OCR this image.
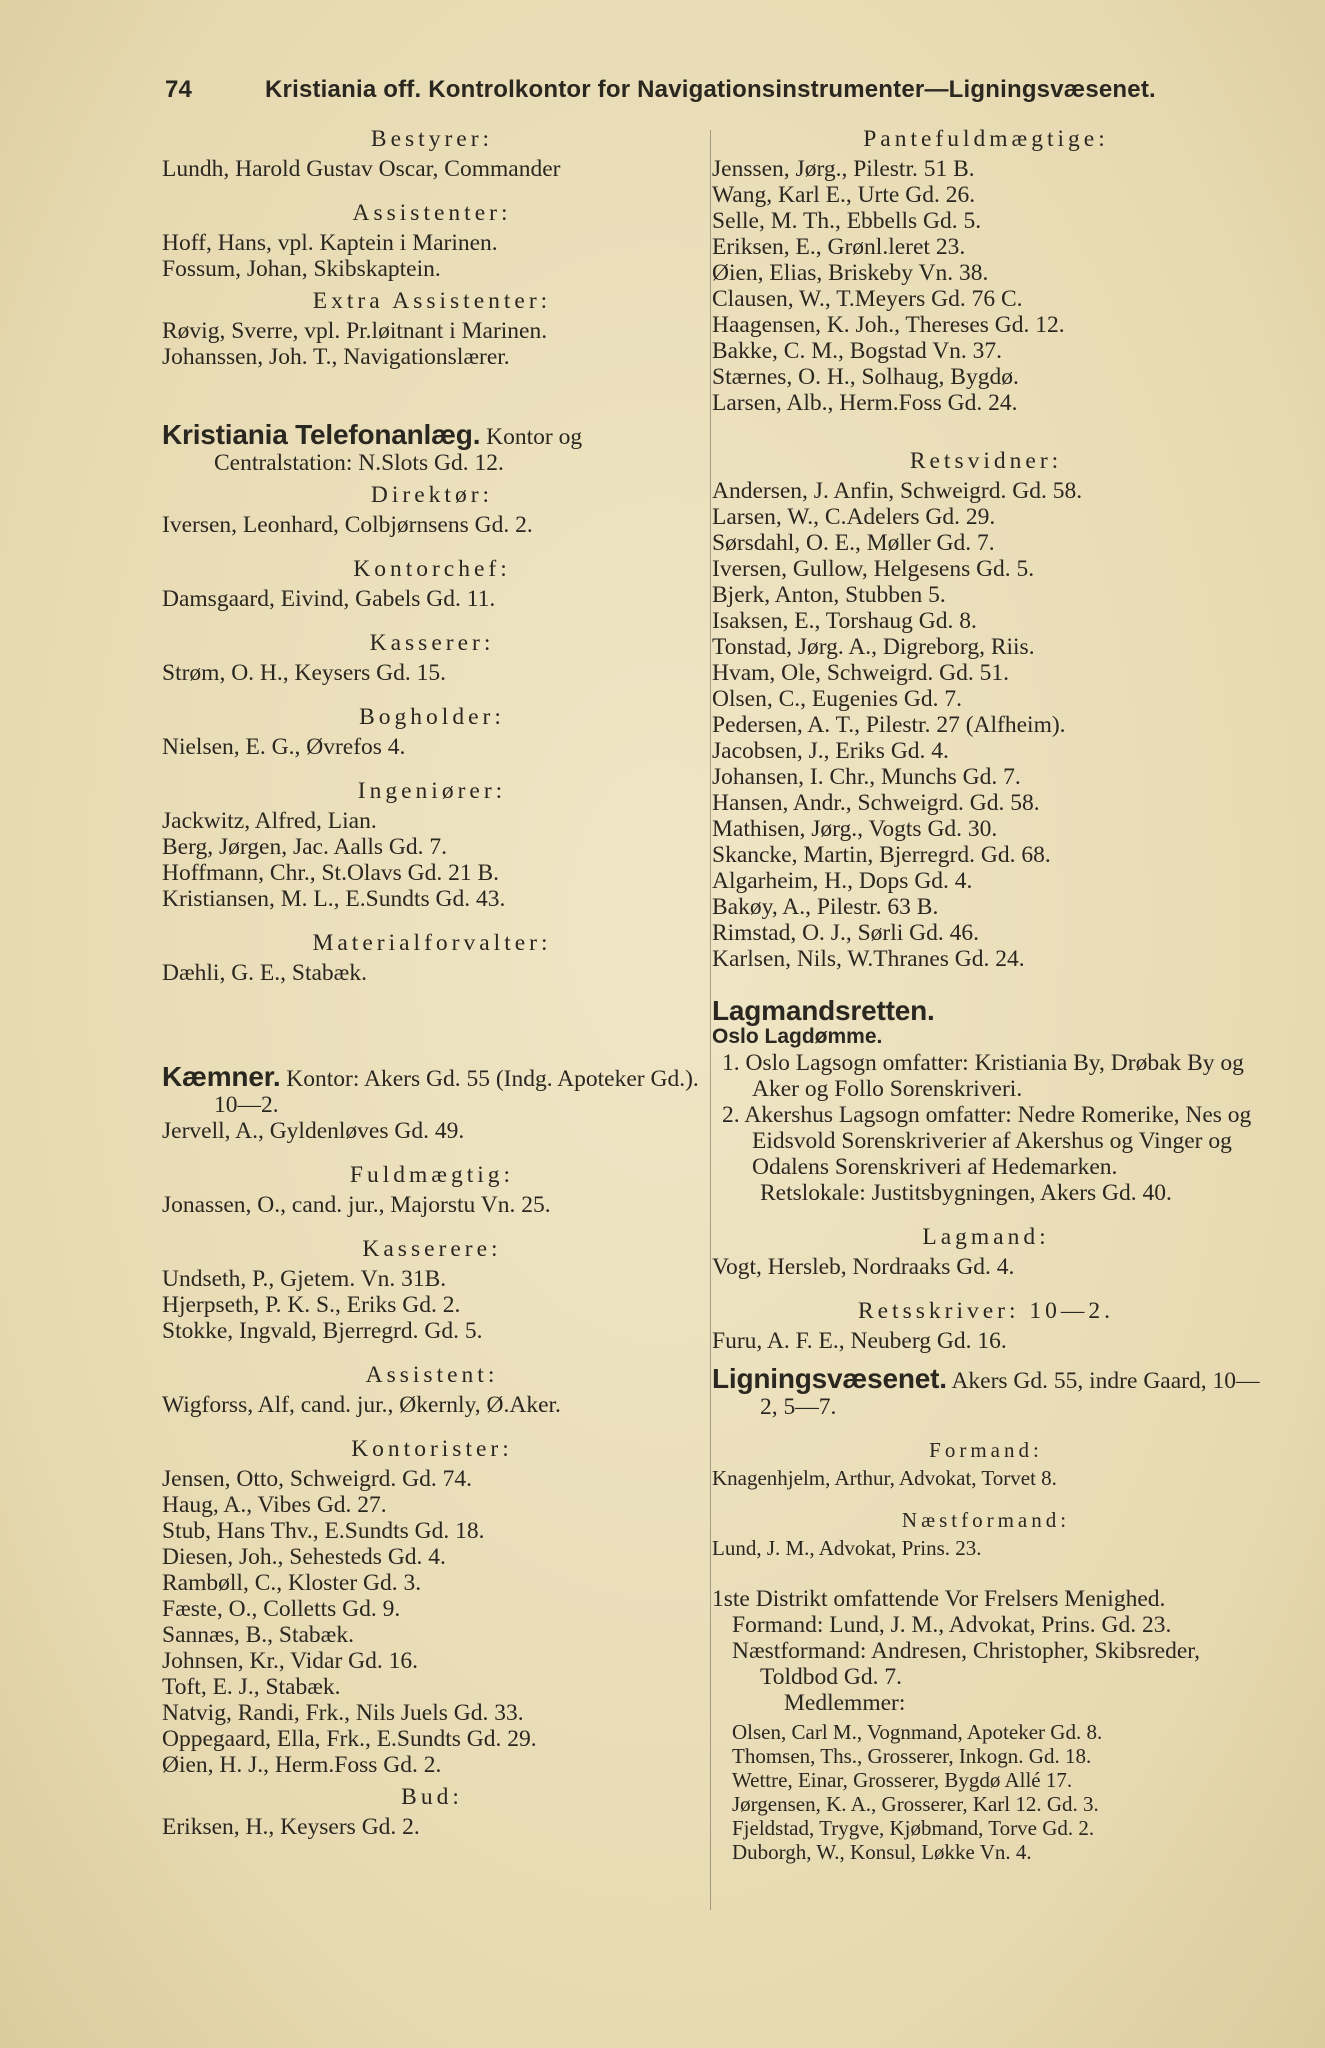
74	Kristiania off. Kontrolkontor for Navigationsinstrumenter—Ligningsvæsenet.

Bestyrer:

Lundh, Harold Gustav Oscar, Commander

Assistenter:

Hoff, Hans, vpl. Kaptein i Marinen.

Fossum, Johan, Skibskaptein.

Extra Assistenter:

Røvig, Sverre, vpl. Pr.løitnant i Marinen.

Johanssen, Joh. T., Navigationslærer.

Kristiania Telefonanlæg. Kontor og Centralstation: N.Slots Gd. 12.

Direktør:

Iversen, Leonhard, Colbjørnsens Gd. 2.

Kontorchef:

Damsgaard, Eivind, Gabels Gd. 11.

Kasserer:

Strøm, O. H., Keysers Gd. 15.

Bogholder:

Nielsen, E. G., Øvrefos 4.

Ingeniører:

Jackwitz, Alfred, Lian.

Berg, Jørgen, Jac. Aalls Gd. 7.

Hoffmann, Chr., St.Olavs Gd. 21 B.

Kristiansen, M. L., E.Sundts Gd. 43.

Materialforvalter:

Dæhli, G. E., Stabæk.

Kæmner. Kontor: Akers Gd. 55 (Indg. Apoteker Gd.). 10—2.

Jervell, A., Gyldenløves Gd. 49.

Fuldmægtig:

Jonassen, O., cand. jur., Majorstu Vn. 25.

Kasserere:

Undseth, P., Gjetem. Vn. 31B.

Hjerpseth, P. K. S., Eriks Gd. 2.

Stokke, Ingvald, Bjerregrd. Gd. 5.

Assistent:

Wigforss, Alf, cand. jur., Økernly, Ø.Aker.

Kontorister:

Jensen, Otto, Schweigrd. Gd. 74.

Haug, A., Vibes Gd. 27.

Stub, Hans Thv., E.Sundts Gd. 18.

Diesen, Joh., Sehesteds Gd. 4.

Rambøll, C., Kloster Gd. 3.

Fæste, O., Colletts Gd. 9.

Sannæs, B., Stabæk.

Johnsen, Kr., Vidar Gd. 16.

Toft, E. J., Stabæk.

Natvig, Randi, Frk., Nils Juels Gd. 33.

Oppegaard, Ella, Frk., E.Sundts Gd. 29.

Øien, H. J., Herm.Foss Gd. 2.

Bud:

Eriksen, H., Keysers Gd. 2.

Pantefuldmægtige:

Jenssen, Jørg., Pilestr. 51 B.

Wang, Karl E., Urte Gd. 26.

Selle, M. Th., Ebbells Gd. 5.

Eriksen, E., Grønl.leret 23.

Øien, Elias, Briskeby Vn. 38.

Clausen, W., T.Meyers Gd. 76 C.

Haagensen, K. Joh., Thereses Gd. 12.

Bakke, C. M., Bogstad Vn. 37.

Stærnes, O. H., Solhaug, Bygdø.

Larsen, Alb., Herm.Foss Gd. 24.

Retsvidner:

Andersen, J. Anfin, Schweigrd. Gd. 58.

Larsen, W., C.Adelers Gd. 29.

Sørsdahl, O. E., Møller Gd. 7.

Iversen, Gullow, Helgesens Gd. 5.

Bjerk, Anton, Stubben 5.

Isaksen, E., Torshaug Gd. 8.

Tonstad, Jørg. A., Digreborg, Riis.

Hvam, Ole, Schweigrd. Gd. 51.

Olsen, C., Eugenies Gd. 7.

Pedersen, A. T., Pilestr. 27 (Alfheim).

Jacobsen, J., Eriks Gd. 4.

Johansen, I. Chr., Munchs Gd. 7.

Hansen, Andr., Schweigrd. Gd. 58.

Mathisen, Jørg., Vogts Gd. 30.

Skancke, Martin, Bjerregrd. Gd. 68.

Algarheim, H., Dops Gd. 4.

Bakøy, A., Pilestr. 63 B.

Rimstad, O. J., Sørli Gd. 46.

Karlsen, Nils, W.Thranes Gd. 24.

Lagmandsretten.

Oslo Lagdømme.

1. Oslo Lagsogn omfatter: Kristiania By, Drøbak By og Aker og Follo Sorenskriveri.

2. Akershus Lagsogn omfatter: Nedre Romerike, Nes og Eidsvold Sorenskriverier af Akershus og Vinger og Odalens Sorenskriveri af Hedemarken.

Retslokale: Justitsbygningen, Akers Gd. 40.

Lagmand:

Vogt, Hersleb, Nordraaks Gd. 4.

Retsskriver: 10—2.

Furu, A. F. E., Neuberg Gd. 16.

Ligningsvæsenet. Akers Gd. 55, indre Gaard, 10—2, 5—7.

Formand:

Knagenhjelm, Arthur, Advokat, Torvet 8.

Næstformand:

Lund, J. M., Advokat, Prins. 23.

1ste Distrikt omfattende Vor Frelsers Menighed.

Formand: Lund, J. M., Advokat, Prins. Gd. 23.

Næstformand: Andresen, Christopher, Skibsreder, Toldbod Gd. 7.

Medlemmer:

Olsen, Carl M., Vognmand, Apoteker Gd. 8.

Thomsen, Ths., Grosserer, Inkogn. Gd. 18.

Wettre, Einar, Grosserer, Bygdø Allé 17.

Jørgensen, K. A., Grosserer, Karl 12. Gd. 3.

Fjeldstad, Trygve, Kjøbmand, Torve Gd. 2.

Duborgh, W., Konsul, Løkke Vn. 4.
